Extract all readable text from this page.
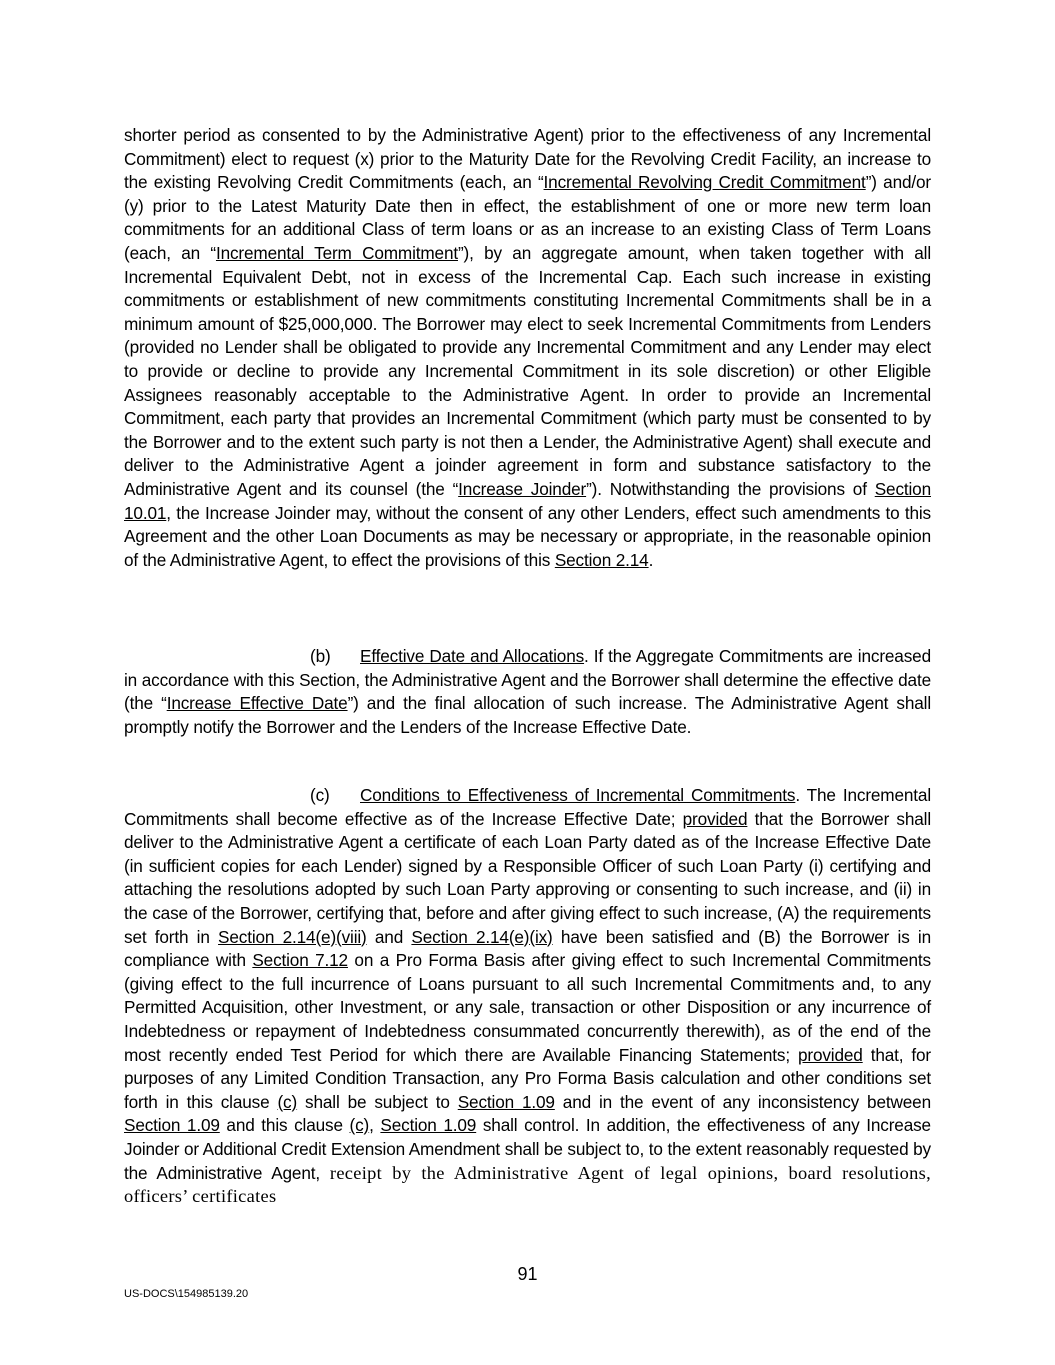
shorter period as consented to by the Administrative Agent) prior to the effectiveness of any Incremental Commitment) elect to request (x) prior to the Maturity Date for the Revolving Credit Facility, an increase to the existing Revolving Credit Commitments (each, an “Incremental Revolving Credit Commitment”) and/or (y) prior to the Latest Maturity Date then in effect, the establishment of one or more new term loan commitments for an additional Class of term loans or as an increase to an existing Class of Term Loans (each, an “Incremental Term Commitment”), by an aggregate amount, when taken together with all Incremental Equivalent Debt, not in excess of the Incremental Cap. Each such increase in existing commitments or establishment of new commitments constituting Incremental Commitments shall be in a minimum amount of $25,000,000. The Borrower may elect to seek Incremental Commitments from Lenders (provided no Lender shall be obligated to provide any Incremental Commitment and any Lender may elect to provide or decline to provide any Incremental Commitment in its sole discretion) or other Eligible Assignees reasonably acceptable to the Administrative Agent. In order to provide an Incremental Commitment, each party that provides an Incremental Commitment (which party must be consented to by the Borrower and to the extent such party is not then a Lender, the Administrative Agent) shall execute and deliver to the Administrative Agent a joinder agreement in form and substance satisfactory to the Administrative Agent and its counsel (the “Increase Joinder”). Notwithstanding the provisions of Section 10.01, the Increase Joinder may, without the consent of any other Lenders, effect such amendments to this Agreement and the other Loan Documents as may be necessary or appropriate, in the reasonable opinion of the Administrative Agent, to effect the provisions of this Section 2.14.
(b) Effective Date and Allocations. If the Aggregate Commitments are increased in accordance with this Section, the Administrative Agent and the Borrower shall determine the effective date (the “Increase Effective Date”) and the final allocation of such increase. The Administrative Agent shall promptly notify the Borrower and the Lenders of the Increase Effective Date.
(c) Conditions to Effectiveness of Incremental Commitments. The Incremental Commitments shall become effective as of the Increase Effective Date; provided that the Borrower shall deliver to the Administrative Agent a certificate of each Loan Party dated as of the Increase Effective Date (in sufficient copies for each Lender) signed by a Responsible Officer of such Loan Party (i) certifying and attaching the resolutions adopted by such Loan Party approving or consenting to such increase, and (ii) in the case of the Borrower, certifying that, before and after giving effect to such increase, (A) the requirements set forth in Section 2.14(e)(viii) and Section 2.14(e)(ix) have been satisfied and (B) the Borrower is in compliance with Section 7.12 on a Pro Forma Basis after giving effect to such Incremental Commitments (giving effect to the full incurrence of Loans pursuant to all such Incremental Commitments and, to any Permitted Acquisition, other Investment, or any sale, transaction or other Disposition or any incurrence of Indebtedness or repayment of Indebtedness consummated concurrently therewith), as of the end of the most recently ended Test Period for which there are Available Financing Statements; provided that, for purposes of any Limited Condition Transaction, any Pro Forma Basis calculation and other conditions set forth in this clause (c) shall be subject to Section 1.09 and in the event of any inconsistency between Section 1.09 and this clause (c), Section 1.09 shall control. In addition, the effectiveness of any Increase Joinder or Additional Credit Extension Amendment shall be subject to, to the extent reasonably requested by the Administrative Agent, receipt by the Administrative Agent of legal opinions, board resolutions, officers’ certificates
91
US-DOCS\154985139.20
